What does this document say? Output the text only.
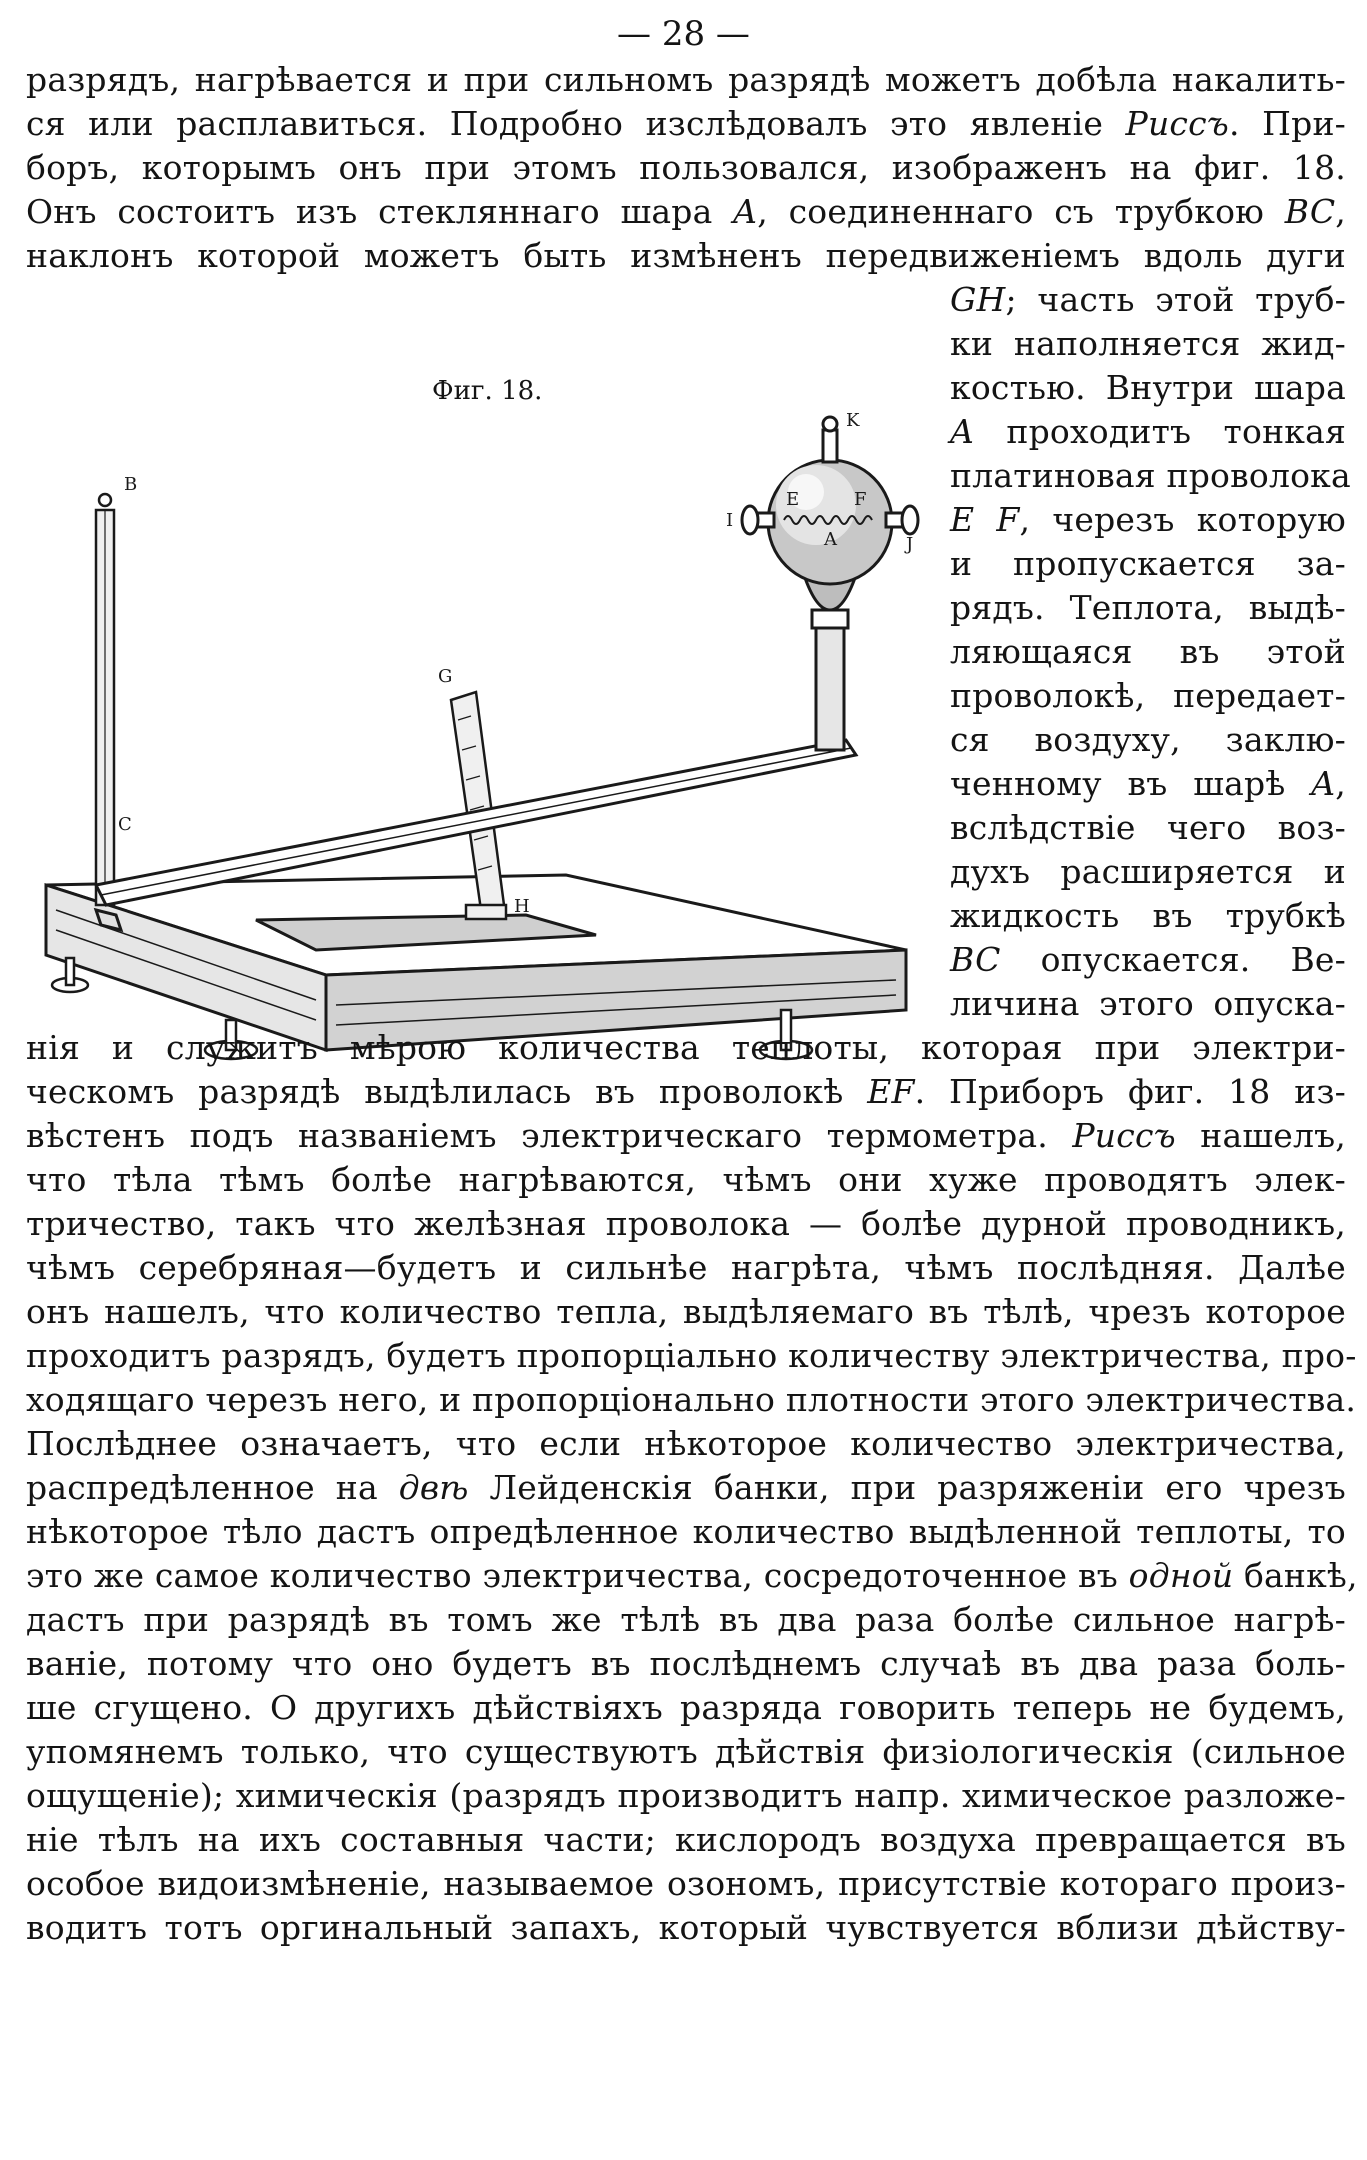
— 28 —
разрядъ, нагрѣвается и при сильномъ разрядѣ можетъ добѣла накалить-
ся или расплавиться. Подробно изслѣдовалъ это явленіе Риссъ. При-
боръ, которымъ онъ при этомъ пользовался, изображенъ на фиг. 18.
Онъ состоитъ изъ стекляннаго шара A, соединеннаго съ трубкою BC,
наклонъ которой можетъ быть измѣненъ передвиженіемъ вдоль дуги
GH; часть этой труб-
ки наполняется жид-
костью. Внутри шара
A проходитъ тонкая
платиновая проволока
E F, черезъ которую
и пропускается за-
рядъ. Теплота, выдѣ-
ляющаяся въ этой
проволокѣ, передает-
ся воздуху, заклю-
ченному въ шарѣ A,
вслѣдствіе чего воз-
духъ расширяется и
жидкость въ трубкѣ
BC опускается. Ве-
личина этого опуска-
Фиг. 18.
K
E	F
A
I
J
G
B
C
H
нія и служитъ мѣрою количества теплоты, которая при электри-
ческомъ разрядѣ выдѣлилась въ проволокѣ EF. Приборъ фиг. 18 из-
вѣстенъ подъ названіемъ электрическаго термометра. Риссъ нашелъ,
что тѣла тѣмъ болѣе нагрѣваются, чѣмъ они хуже проводятъ элек-
тричество, такъ что желѣзная проволока — болѣе дурной проводникъ,
чѣмъ серебряная—будетъ и сильнѣе нагрѣта, чѣмъ послѣдняя. Далѣе
онъ нашелъ, что количество тепла, выдѣляемаго въ тѣлѣ, чрезъ которое
проходитъ разрядъ, будетъ пропорціально количеству электричества, про-
ходящаго черезъ него, и пропорціонально плотности этого электричества.
Послѣднее означаетъ, что если нѣкоторое количество электричества,
распредѣленное на двѣ Лейденскія банки, при разряженіи его чрезъ
нѣкоторое тѣло дастъ опредѣленное количество выдѣленной теплоты, то
это же самое количество электричества, сосредоточенное въ одной банкѣ,
дастъ при разрядѣ въ томъ же тѣлѣ въ два раза болѣе сильное нагрѣ-
ваніе, потому что оно будетъ въ послѣднемъ случаѣ въ два раза боль-
ше сгущено. О другихъ дѣйствіяхъ разряда говорить теперь не будемъ,
упомянемъ только, что существуютъ дѣйствія физіологическія (сильное
ощущеніе); химическія (разрядъ производитъ напр. химическое разложе-
ніе тѣлъ на ихъ составныя части; кислородъ воздуха превращается въ
особое видоизмѣненіе, называемое озономъ, присутствіе котораго произ-
водитъ тотъ оргинальный запахъ, который чувствуется вблизи дѣйству-
